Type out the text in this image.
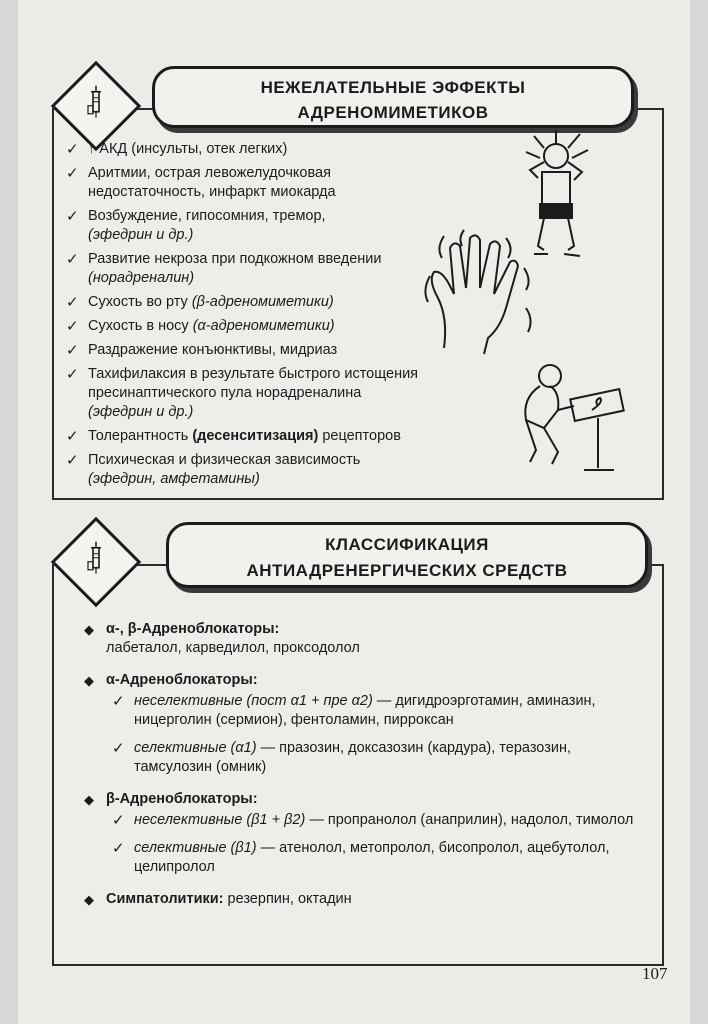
НЕЖЕЛАТЕЛЬНЫЕ ЭФФЕКТЫ
АДРЕНОМИМЕТИКОВ
✓ ↑ АКД (инсульты, отек легких)
✓ Аритмии, острая левожелудочковая недостаточность, инфаркт миокарда
✓ Возбуждение, гипосомния, тремор,
(эфедрин и др.)
✓ Развитие некроза при подкожном введении (норадреналин)
✓ Сухость во рту (β-адреномиметики)
✓ Сухость в носу (α-адреномиметики)
✓ Раздражение конъюнктивы, мидриаз
✓ Тахифилаксия в результате быстрого истощения пресинаптического пула норадреналина (эфедрин и др.)
✓ Толерантность (десенситизация) рецепторов
✓ Психическая и физическая зависимость
(эфедрин, амфетамины)
КЛАССИФИКАЦИЯ
АНТИАДРЕНЕРГИЧЕСКИХ СРЕДСТВ
◆ α-, β-Адреноблокаторы:
лабеталол, карведилол, проксодолол
◆ α-Адреноблокаторы:
✓ неселективные (пост α1 + пре α2) — дигидроэрготамин, аминазин, ницерголин (сермион), фентоламин, пирроксан
✓ селективные (α1) — празозин, доксазозин (кардура), теразозин, тамсулозин (омник)
◆ β-Адреноблокаторы:
✓ неселективные (β1 + β2) — пропранолол (анаприлин), надолол, тимолол
✓ селективные (β1) — атенолол, метопролол, бисопролол, ацебутолол, целипролол
◆ Симпатолитики: резерпин, октадин
107
